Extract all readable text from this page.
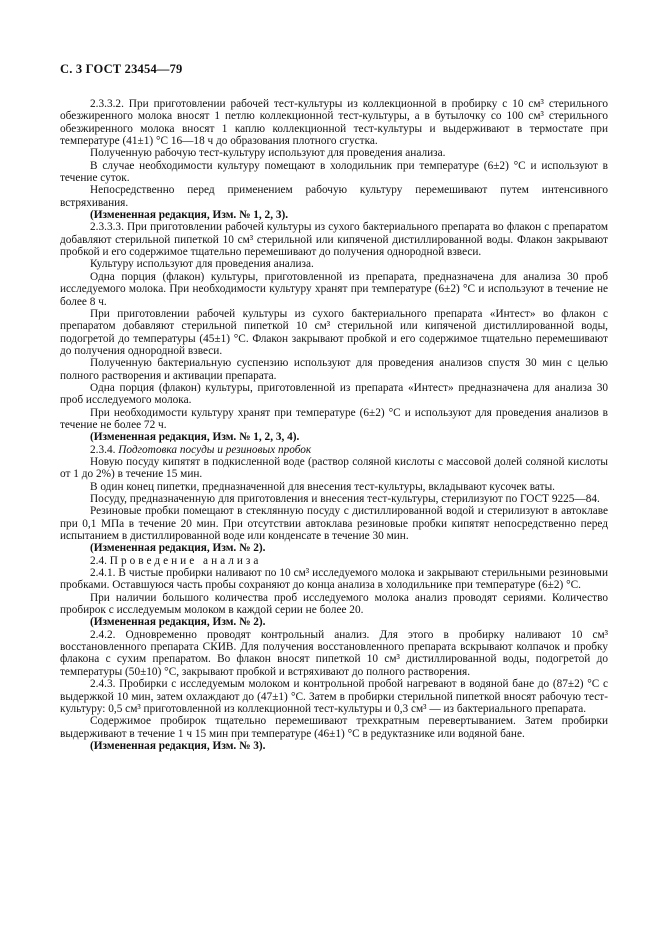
С. 3 ГОСТ 23454—79

2.3.3.2. При приготовлении рабочей тест-культуры из коллекционной в пробирку с 10 см³ стерильного обезжиренного молока вносят 1 петлю коллекционной тест-культуры, а в бутылочку со 100 см³ стерильного обезжиренного молока вносят 1 каплю коллекционной тест-культуры и выдерживают в термостате при температуре (41±1) °С 16—18 ч до образования плотного сгустка.

Полученную рабочую тест-культуру используют для проведения анализа.

В случае необходимости культуру помещают в холодильник при температуре (6±2) °С и используют в течение суток.

Непосредственно перед применением рабочую культуру перемешивают путем интенсивного встряхивания.

(Измененная редакция, Изм. № 1, 2, 3).

2.3.3.3. При приготовлении рабочей культуры из сухого бактериального препарата во флакон с препаратом добавляют стерильной пипеткой 10 см³ стерильной или кипяченой дистиллированной воды. Флакон закрывают пробкой и его содержимое тщательно перемешивают до получения однородной взвеси.

Культуру используют для проведения анализа.

Одна порция (флакон) культуры, приготовленной из препарата, предназначена для анализа 30 проб исследуемого молока. При необходимости культуру хранят при температуре (6±2) °С и используют в течение не более 8 ч.

При приготовлении рабочей культуры из сухого бактериального препарата «Интест» во флакон с препаратом добавляют стерильной пипеткой 10 см³ стерильной или кипяченой дистиллированной воды, подогретой до температуры (45±1) °С. Флакон закрывают пробкой и его содержимое тщательно перемешивают до получения однородной взвеси.

Полученную бактериальную суспензию используют для проведения анализов спустя 30 мин с целью полного растворения и активации препарата.

Одна порция (флакон) культуры, приготовленной из препарата «Интест» предназначена для анализа 30 проб исследуемого молока.

При необходимости культуру хранят при температуре (6±2) °С и используют для проведения анализов в течение не более 72 ч.

(Измененная редакция, Изм. № 1, 2, 3, 4).

2.3.4. Подготовка посуды и резиновых пробок

Новую посуду кипятят в подкисленной воде (раствор соляной кислоты с массовой долей соляной кислоты от 1 до 2%) в течение 15 мин.

В один конец пипетки, предназначенной для внесения тест-культуры, вкладывают кусочек ваты.

Посуду, предназначенную для приготовления и внесения тест-культуры, стерилизуют по ГОСТ 9225—84.

Резиновые пробки помещают в стеклянную посуду с дистиллированной водой и стерилизуют в автоклаве при 0,1 МПа в течение 20 мин. При отсутствии автоклава резиновые пробки кипятят непосредственно перед испытанием в дистиллированной воде или конденсате в течение 30 мин.

(Измененная редакция, Изм. № 2).

2.4. Проведение анализа

2.4.1. В чистые пробирки наливают по 10 см³ исследуемого молока и закрывают стерильными резиновыми пробками. Оставшуюся часть пробы сохраняют до конца анализа в холодильнике при температуре (6±2) °С.

При наличии большого количества проб исследуемого молока анализ проводят сериями. Количество пробирок с исследуемым молоком в каждой серии не более 20.

(Измененная редакция, Изм. № 2).

2.4.2. Одновременно проводят контрольный анализ. Для этого в пробирку наливают 10 см³ восстановленного препарата СКИВ. Для получения восстановленного препарата вскрывают колпачок и пробку флакона с сухим препаратом. Во флакон вносят пипеткой 10 см³ дистиллированной воды, подогретой до температуры (50±10) °С, закрывают пробкой и встряхивают до полного растворения.

2.4.3. Пробирки с исследуемым молоком и контрольной пробой нагревают в водяной бане до (87±2) °С с выдержкой 10 мин, затем охлаждают до (47±1) °С. Затем в пробирки стерильной пипеткой вносят рабочую тест-культуру: 0,5 см³ приготовленной из коллекционной тест-культуры и 0,3 см³ — из бактериального препарата.

Содержимое пробирок тщательно перемешивают трехкратным перевертыванием. Затем пробирки выдерживают в течение 1 ч 15 мин при температуре (46±1) °С в редуктазнике или водяной бане.

(Измененная редакция, Изм. № 3).
